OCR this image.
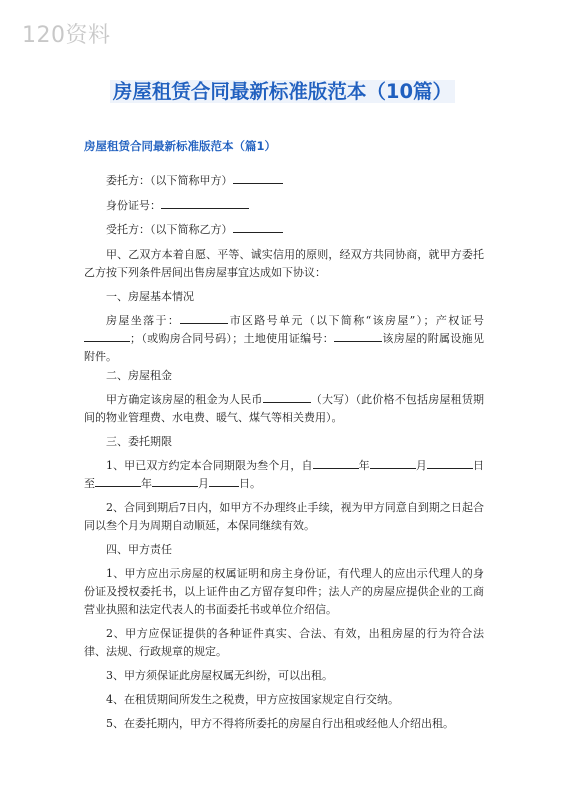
120资料
房屋租赁合同最新标准版范本（10篇）
房屋租赁合同最新标准版范本（篇1）
委托方：（以下简称甲方）
身份证号：
受托方：（以下简称乙方）
甲、乙双方本着自愿、平等、诚实信用的原则，经双方共同协商，就甲方委托乙方按下列条件居间出售房屋事宜达成如下协议：
一、房屋基本情况
房屋坐落于：	市区路号单元（以下简称“该房屋”）；产权证号；（或购房合同号码）；土地使用证编号：	该房屋的附属设施见附件。
二、房屋租金
甲方确定该房屋的租金为人民币	（大写）（此价格不包括房屋租赁期间的物业管理费、水电费、暖气、煤气等相关费用）。
三、委托期限
1、甲已双方约定本合同期限为叁个月，自	年	月	日至	年	月	日。
2、合同到期后7日内，如甲方不办理终止手续，视为甲方同意自到期之日起合同以叁个月为周期自动顺延，本保同继续有效。
四、甲方责任
1、甲方应出示房屋的权属证明和房主身份证，有代理人的应出示代理人的身份证及授权委托书，以上证件由乙方留存复印件；法人产的房屋应提供企业的工商营业执照和法定代表人的书面委托书或单位介绍信。
2、甲方应保证提供的各种证件真实、合法、有效，出租房屋的行为符合法律、法规、行政规章的规定。
3、甲方须保证此房屋权属无纠纷，可以出租。
4、在租赁期间所发生之税费，甲方应按国家规定自行交纳。
5、在委托期内，甲方不得将所委托的房屋自行出租或经他人介绍出租。
